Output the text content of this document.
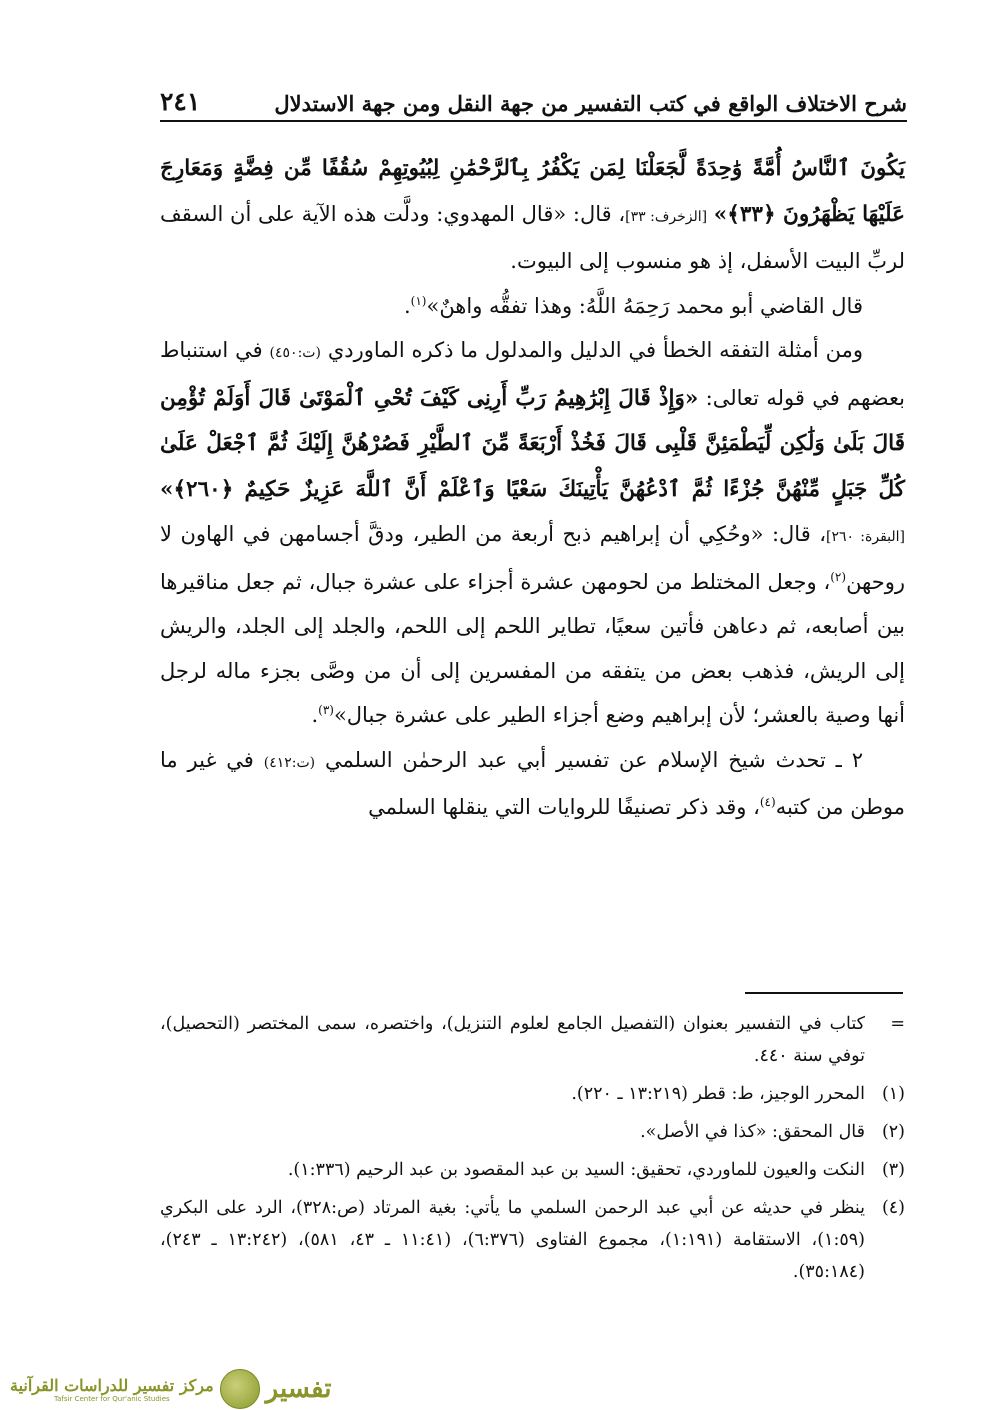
شرح الاختلاف الواقع في كتب التفسير من جهة النقل ومن جهة الاستدلال
٢٤١

يَكُونَ ٱلنَّاسُ أُمَّةً وَٰحِدَةً لَّجَعَلْنَا لِمَن يَكْفُرُ بِٱلرَّحْمَٰنِ لِبُيُوتِهِمْ سُقُفًا مِّن فِضَّةٍ وَمَعَارِجَ عَلَيْهَا يَظْهَرُونَ ﴿٣٣﴾» [الزخرف: ٣٣]، قال: «قال المهدوي: ودلَّت هذه الآية على أن السقف لربِّ البيت الأسفل، إذ هو منسوب إلى البيوت.

قال القاضي أبو محمد رَحِمَهُ اللَّهُ: وهذا تفقُّه واهنٌ»$^{(١)}$.

ومن أمثلة التفقه الخطأ في الدليل والمدلول ما ذكره الماوردي (ت:٤٥٠) في استنباط بعضهم في قوله تعالى: «وَإِذْ قَالَ إِبْرَٰهِيمُ رَبِّ أَرِنِى كَيْفَ تُحْىِ ٱلْمَوْتَىٰ قَالَ أَوَلَمْ تُؤْمِن قَالَ بَلَىٰ وَلَٰكِن لِّيَطْمَئِنَّ قَلْبِى قَالَ فَخُذْ أَرْبَعَةً مِّنَ ٱلطَّيْرِ فَصُرْهُنَّ إِلَيْكَ ثُمَّ ٱجْعَلْ عَلَىٰ كُلِّ جَبَلٍ مِّنْهُنَّ جُزْءًا ثُمَّ ٱدْعُهُنَّ يَأْتِينَكَ سَعْيًا وَٱعْلَمْ أَنَّ ٱللَّهَ عَزِيزٌ حَكِيمٌ ﴿٢٦٠﴾» [البقرة: ٢٦٠]، قال: «وحُكِي أن إبراهيم ذبح أربعة من الطير، ودقَّ أجسامهن في الهاون لا روحهن$^{(٢)}$، وجعل المختلط من لحومهن عشرة أجزاء على عشرة جبال، ثم جعل مناقيرها بين أصابعه، ثم دعاهن فأتين سعيًا، تطاير اللحم إلى اللحم، والجلد إلى الجلد، والريش إلى الريش، فذهب بعض من يتفقه من المفسرين إلى أن من وصَّى بجزء ماله لرجل أنها وصية بالعشر؛ لأن إبراهيم وضع أجزاء الطير على عشرة جبال»$^{(٣)}$.

٢ ـ تحدث شيخ الإسلام عن تفسير أبي عبد الرحمٰن السلمي (ت:٤١٢) في غير ما موطن من كتبه$^{(٤)}$، وقد ذكر تصنيفًا للروايات التي ينقلها السلمي

=
كتاب في التفسير بعنوان (التفصيل الجامع لعلوم التنزيل)، واختصره، سمى المختصر (التحصيل)، توفي سنة ٤٤٠.
(١)
المحرر الوجيز، ط: قطر (١٣:٢١٩ ـ ٢٢٠).
(٢)
قال المحقق: «كذا في الأصل».
(٣)
النكت والعيون للماوردي، تحقيق: السيد بن عبد المقصود بن عبد الرحيم (١:٣٣٦).
(٤)
ينظر في حديثه عن أبي عبد الرحمن السلمي ما يأتي: بغية المرتاد (ص:٣٢٨)، الرد على البكري (١:٥٩)، الاستقامة (١:١٩١)، مجموع الفتاوى (٦:٣٧٦)، (١١:٤١ ـ ٤٣، ٥٨١)، (١٣:٢٤٢ ـ ٢٤٣)، (٣٥:١٨٤).
مركز تفسير للدراسات القرآنية
Tafsir Center for Qur'anic Studies	تفسير
